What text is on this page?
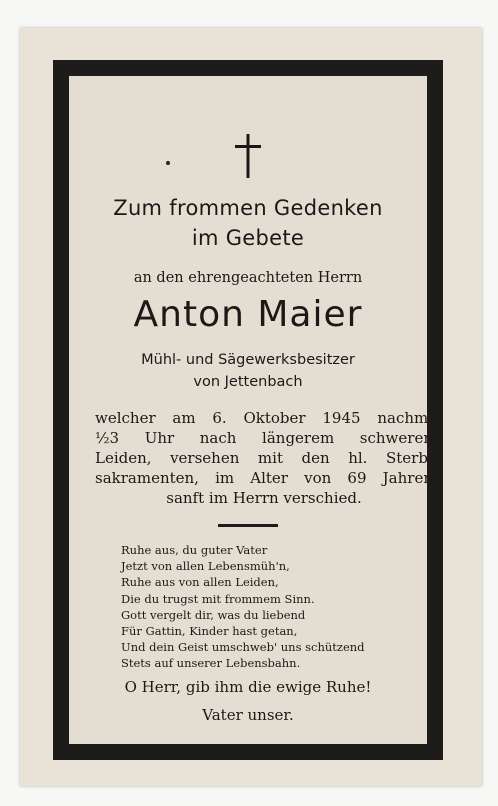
Zum frommen Gedenken
im Gebete
an den ehrengeachteten Herrn
Anton Maier
Mühl- und Sägewerksbesitzer
von Jettenbach
welcher am 6. Oktober 1945 nachm.
½3 Uhr nach längerem schweren
Leiden, versehen mit den hl. Sterb-
sakramenten, im Alter von 69 Jahren
sanft im Herrn verschied.
Ruhe aus, du guter Vater
Jetzt von allen Lebensmüh'n,
Ruhe aus von allen Leiden,
Die du trugst mit frommem Sinn.
Gott vergelt dir, was du liebend
Für Gattin, Kinder hast getan,
Und dein Geist umschweb' uns schützend
Stets auf unserer Lebensbahn.
O Herr, gib ihm die ewige Ruhe!
Vater unser.
D. Geiger, Mühldorf
